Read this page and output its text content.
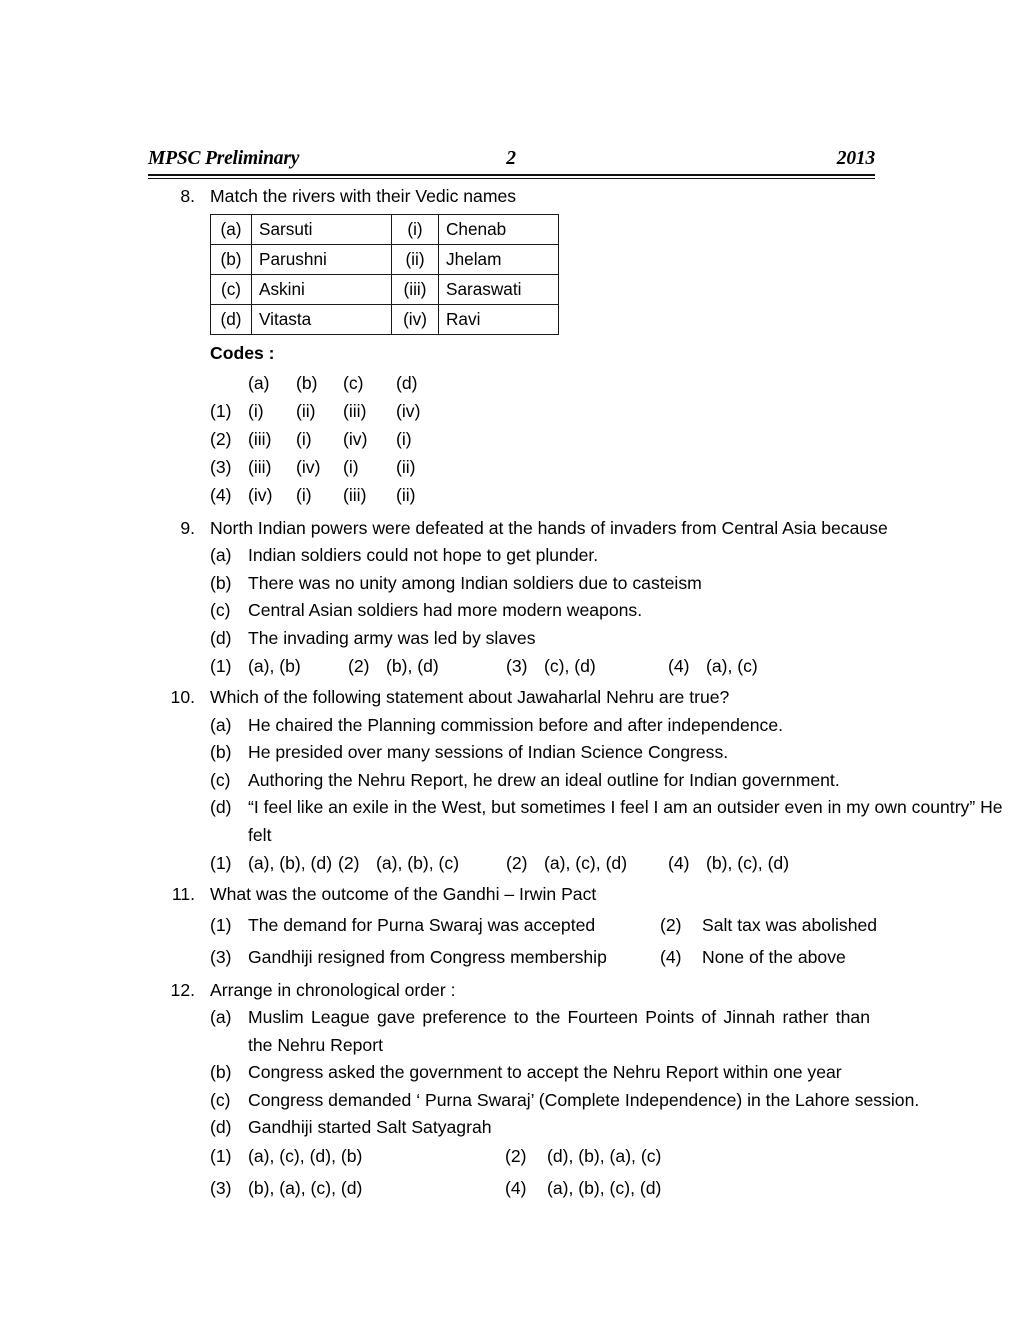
MPSC Preliminary	2	2013
8. Match the rivers with their Vedic names
(a)	Sarsuti	(i)	Chenab
(b)	Parushni	(ii)	Jhelam
(c)	Askini	(iii)	Saraswati
(d)	Vitasta	(iv)	Ravi
Codes :
(a) (b) (c) (d)
(1) (i) (ii) (iii) (iv)
(2) (iii) (i) (iv) (i)
(3) (iii) (iv) (i) (ii)
(4) (iv) (i) (iii) (ii)
9. North Indian powers were defeated at the hands of invaders from Central Asia because
(a) Indian soldiers could not hope to get plunder.
(b) There was no unity among Indian soldiers due to casteism
(c) Central Asian soldiers had more modern weapons.
(d) The invading army was led by slaves
(1) (a), (b)	(2) (b), (d)	(3) (c), (d)	(4) (a), (c)
10. Which of the following statement about Jawaharlal Nehru are true?
(a) He chaired the Planning commission before and after independence.
(b) He presided over many sessions of Indian Science Congress.
(c) Authoring the Nehru Report, he drew an ideal outline for Indian government.
(d) “I feel like an exile in the West, but sometimes I feel I am an outsider even in my own country” He felt
(1) (a), (b), (d) (2) (a), (b), (c)	(2) (a), (c), (d) (4) (b), (c), (d)
11. What was the outcome of the Gandhi – Irwin Pact
(1) The demand for Purna Swaraj was accepted	(2) Salt tax was abolished
(3) Gandhiji resigned from Congress membership	(4) None of the above
12. Arrange in chronological order :
(a) Muslim League gave preference to the Fourteen Points of Jinnah rather than the Nehru Report
(b) Congress asked the government to accept the Nehru Report within one year
(c) Congress demanded ‘ Purna Swaraj’ (Complete Independence) in the Lahore session.
(d) Gandhiji started Salt Satyagrah
(1) (a), (c), (d), (b)	(2) (d), (b), (a), (c)
(3) (b), (a), (c), (d)	(4) (a), (b), (c), (d)
